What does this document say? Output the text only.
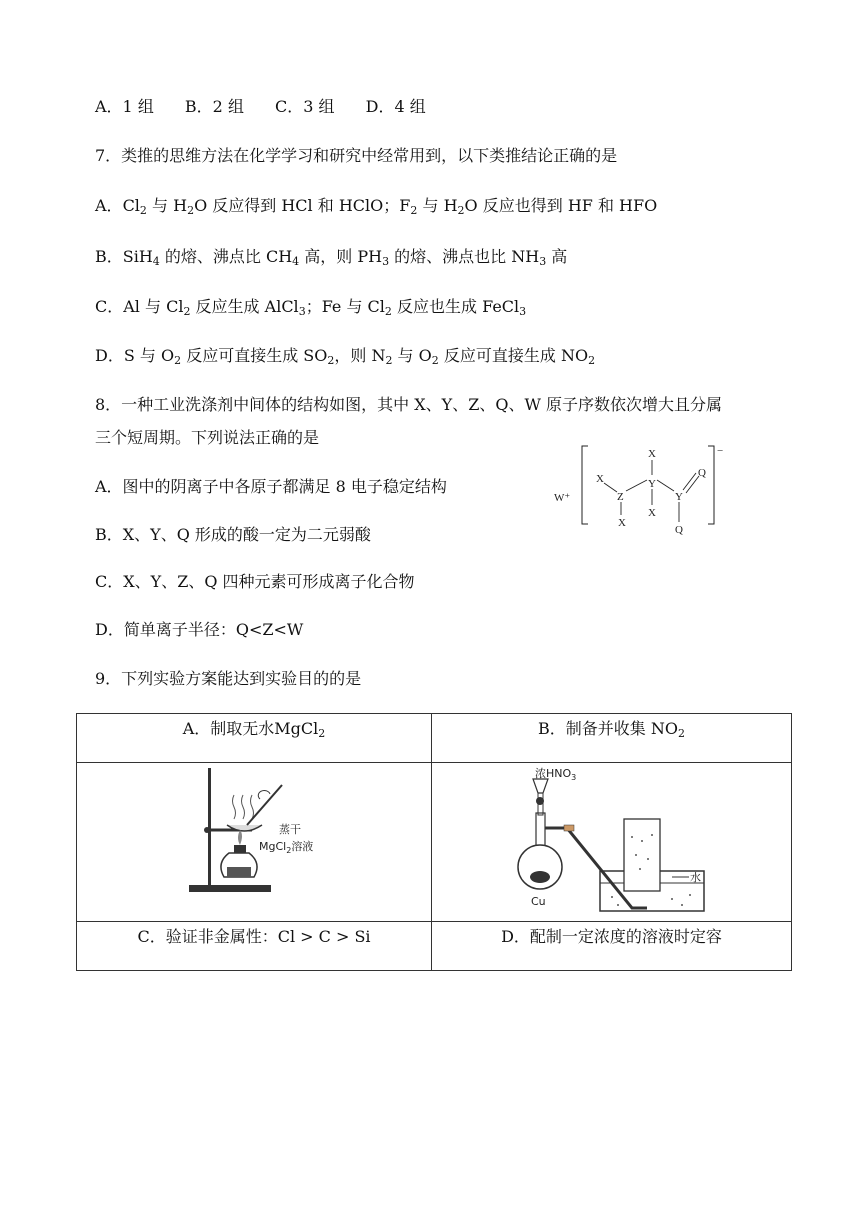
A．1 组 B．2 组 C．3 组 D．4 组
7．类推的思维方法在化学学习和研究中经常用到，以下类推结论正确的是
A．$Cl_2$ 与 $H_2O$ 反应得到 HCl 和 HClO；$F_2$ 与 $H_2O$ 反应也得到 HF 和 HFO
B．SiH$_4$ 的熔、沸点比 $CH_4$ 高，则 $PH_3$ 的熔、沸点也比 $NH_3$ 高
C．Al 与 $Cl_2$ 反应生成 AlCl$_3$；Fe 与 $Cl_2$ 反应也生成 FeCl$_3$
D．S 与 $O_2$ 反应可直接生成 $SO_2$，则 $N_2$ 与 $O_2$ 反应可直接生成 $NO_2$
8．一种工业洗涤剂中间体的结构如图，其中 X、Y、Z、Q、W 原子序数依次增大且分属
三个短周期。下列说法正确的是
A．图中的阴离子中各原子都满足 8 电子稳定结构
B．X、Y、Q 形成的酸一定为二元弱酸
C．X、Y、Z、Q 四种元素可形成离子化合物
D．简单离子半径：Q<Z<W
W⁺
−
X
Z
X
X
Y
X
Y
Q
Q
9．下列实验方案能达到实验目的的是
A．制取无水MgCl$_2$	B．制备并收集 $NO_2$

蒸干
MgCl$_2$溶液	浓$HNO_3$
Cu
水

C．验证非金属性：Cl > C > Si	D．配制一定浓度的溶液时定容
